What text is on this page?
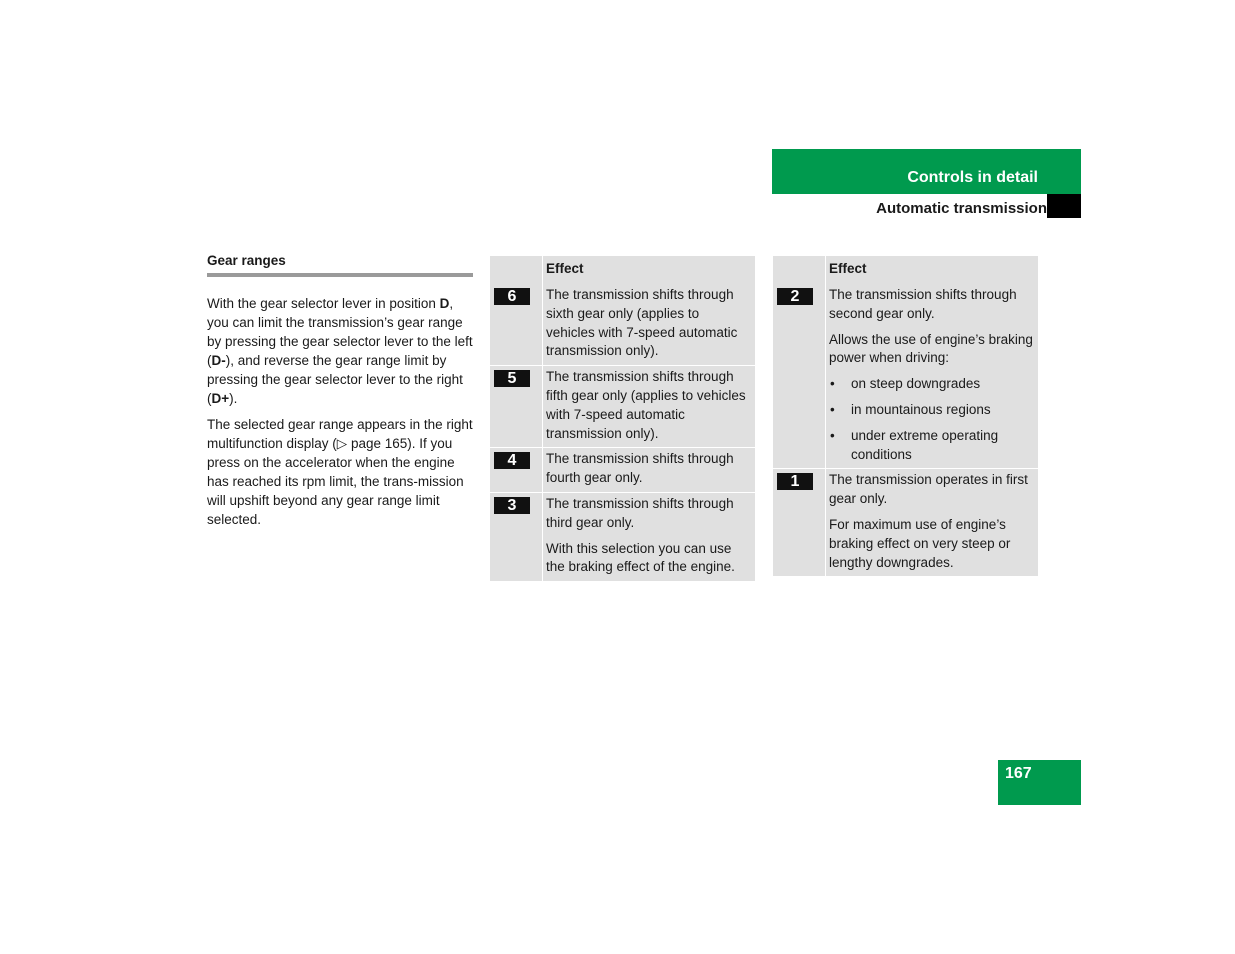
Controls in detail
Automatic transmission
Gear ranges

With the gear selector lever in position D, you can limit the transmission’s gear range by pressing the gear selector lever to the left (D-), and reverse the gear range limit by pressing the gear selector lever to the right (D+).

The selected gear range appears in the right multifunction display (▷ page 165). If you press on the accelerator when the engine has reached its rpm limit, the trans-mission will upshift beyond any gear range limit selected.

	Effect
6	The transmission shifts through sixth gear only (applies to vehicles with 7-speed automatic transmission only).

5	The transmission shifts through fifth gear only (applies to vehicles with 7-speed automatic transmission only).

4	The transmission shifts through fourth gear only.

3	The transmission shifts through third gear only.

With this selection you can use the braking effect of the engine.

	Effect
2	The transmission shifts through second gear only.

Allows the use of engine’s braking power when driving:

• on steep downgrades

• in mountainous regions

• under extreme operating conditions

1	The transmission operates in first gear only.

For maximum use of engine’s braking effect on very steep or lengthy downgrades.

167
